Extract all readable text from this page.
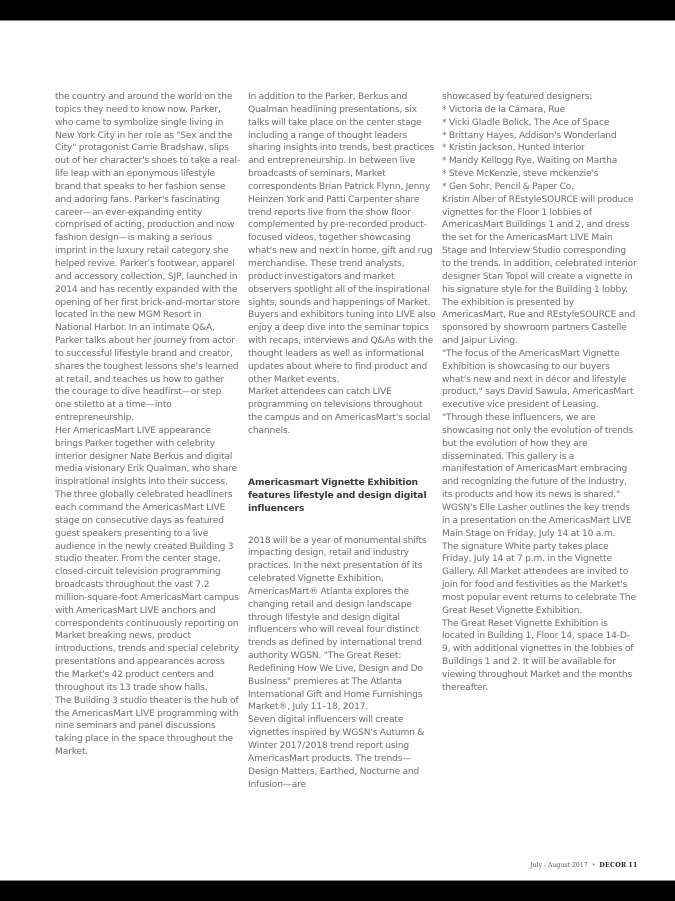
the country and around the world on the topics they need to know now. Parker, who came to symbolize single living in New York City in her role as "Sex and the City" protagonist Carrie Bradshaw, slips out of her character's shoes to take a real-life leap with an eponymous lifestyle brand that speaks to her fashion sense and adoring fans. Parker's fascinating career—an ever-expanding entity comprised of acting, production and now fashion design—is making a serious imprint in the luxury retail category she helped revive. Parker's footwear, apparel and accessory collection, SJP, launched in 2014 and has recently expanded with the opening of her first brick-and-mortar store located in the new MGM Resort in National Harbor. In an intimate Q&A, Parker talks about her journey from actor to successful lifestyle brand and creator, shares the toughest lessons she's learned at retail, and teaches us how to gather the courage to dive headfirst—or step one stiletto at a time—into entrepreneurship.

Her AmericasMart LIVE appearance brings Parker together with celebrity interior designer Nate Berkus and digital media visionary Erik Qualman, who share inspirational insights into their success. The three globally celebrated headliners each command the AmericasMart LIVE stage on consecutive days as featured guest speakers presenting to a live audience in the newly created Building 3 studio theater. From the center stage, closed-circuit television programming broadcasts throughout the vast 7.2 million-square-foot AmericasMart campus with AmericasMart LIVE anchors and correspondents continuously reporting on Market breaking news, product introductions, trends and special celebrity presentations and appearances across the Market's 42 product centers and throughout its 13 trade show halls.

The Building 3 studio theater is the hub of the AmericasMart LIVE programming with nine seminars and panel discussions taking place in the space throughout the Market.

In addition to the Parker, Berkus and Qualman headlining presentations, six talks will take place on the center stage including a range of thought leaders sharing insights into trends, best practices and entrepreneurship. In between live broadcasts of seminars, Market correspondents Brian Patrick Flynn, Jenny Heinzen York and Patti Carpenter share trend reports live from the show floor complemented by pre-recorded product-focused videos, together showcasing what's new and next in home, gift and rug merchandise. These trend analysts, product investigators and market observers spotlight all of the inspirational sights, sounds and happenings of Market. Buyers and exhibitors tuning into LIVE also enjoy a deep dive into the seminar topics with recaps, interviews and Q&As with the thought leaders as well as informational updates about where to find product and other Market events.

Market attendees can catch LIVE programming on televisions throughout the campus and on AmericasMart's social channels.

Americasmart Vignette Exhibition features lifestyle and design digital influencers

2018 will be a year of monumental shifts impacting design, retail and industry practices. In the next presentation of its celebrated Vignette Exhibition, AmericasMart® Atlanta explores the changing retail and design landscape through lifestyle and design digital influencers who will reveal four distinct trends as defined by international trend authority WGSN. "The Great Reset: Redefining How We Live, Design and Do Business" premieres at The Atlanta International Gift and Home Furnishings Market®, July 11–18, 2017.

Seven digital influencers will create vignettes inspired by WGSN's Autumn & Winter 2017/2018 trend report using AmericasMart products. The trends—Design Matters, Earthed, Nocturne and Infusion—are

showcased by featured designers:

* Victoria de la Cámara, Rue

* Vicki Gladle Bolick, The Ace of Space

* Brittany Hayes, Addison's Wonderland

* Kristin Jackson, Hunted Interior

* Mandy Kellogg Rye, Waiting on Martha

* Steve McKenzie, steve mckenzie's

* Gen Sohr, Pencil & Paper Co.

Kristin Alber of REstyleSOURCE will produce vignettes for the Floor 1 lobbies of AmericasMart Buildings 1 and 2, and dress the set for the AmericasMart LIVE Main Stage and Interview Studio corresponding to the trends. In addition, celebrated interior designer Stan Topol will create a vignette in his signature style for the Building 1 lobby.

The exhibition is presented by AmericasMart, Rue and REstyleSOURCE and sponsored by showroom partners Castelle and Jaipur Living.

"The focus of the AmericasMart Vignette Exhibition is showcasing to our buyers what's new and next in décor and lifestyle product," says David Sawula, AmericasMart executive vice president of Leasing. "Through these influencers, we are showcasing not only the evolution of trends but the evolution of how they are disseminated. This gallery is a manifestation of AmericasMart embracing and recognizing the future of the industry, its products and how its news is shared."

WGSN's Elle Lasher outlines the key trends in a presentation on the AmericasMart LIVE Main Stage on Friday, July 14 at 10 a.m.

The signature White party takes place Friday, July 14 at 7 p.m. in the Vignette Gallery. All Market attendees are invited to join for food and festivities as the Market's most popular event returns to celebrate The Great Reset Vignette Exhibition.

The Great Reset Vignette Exhibition is located in Building 1, Floor 14, space 14-D-9, with additional vignettes in the lobbies of Buildings 1 and 2. It will be available for viewing throughout Market and the months thereafter.

July - August 2017 • DECOR 11
